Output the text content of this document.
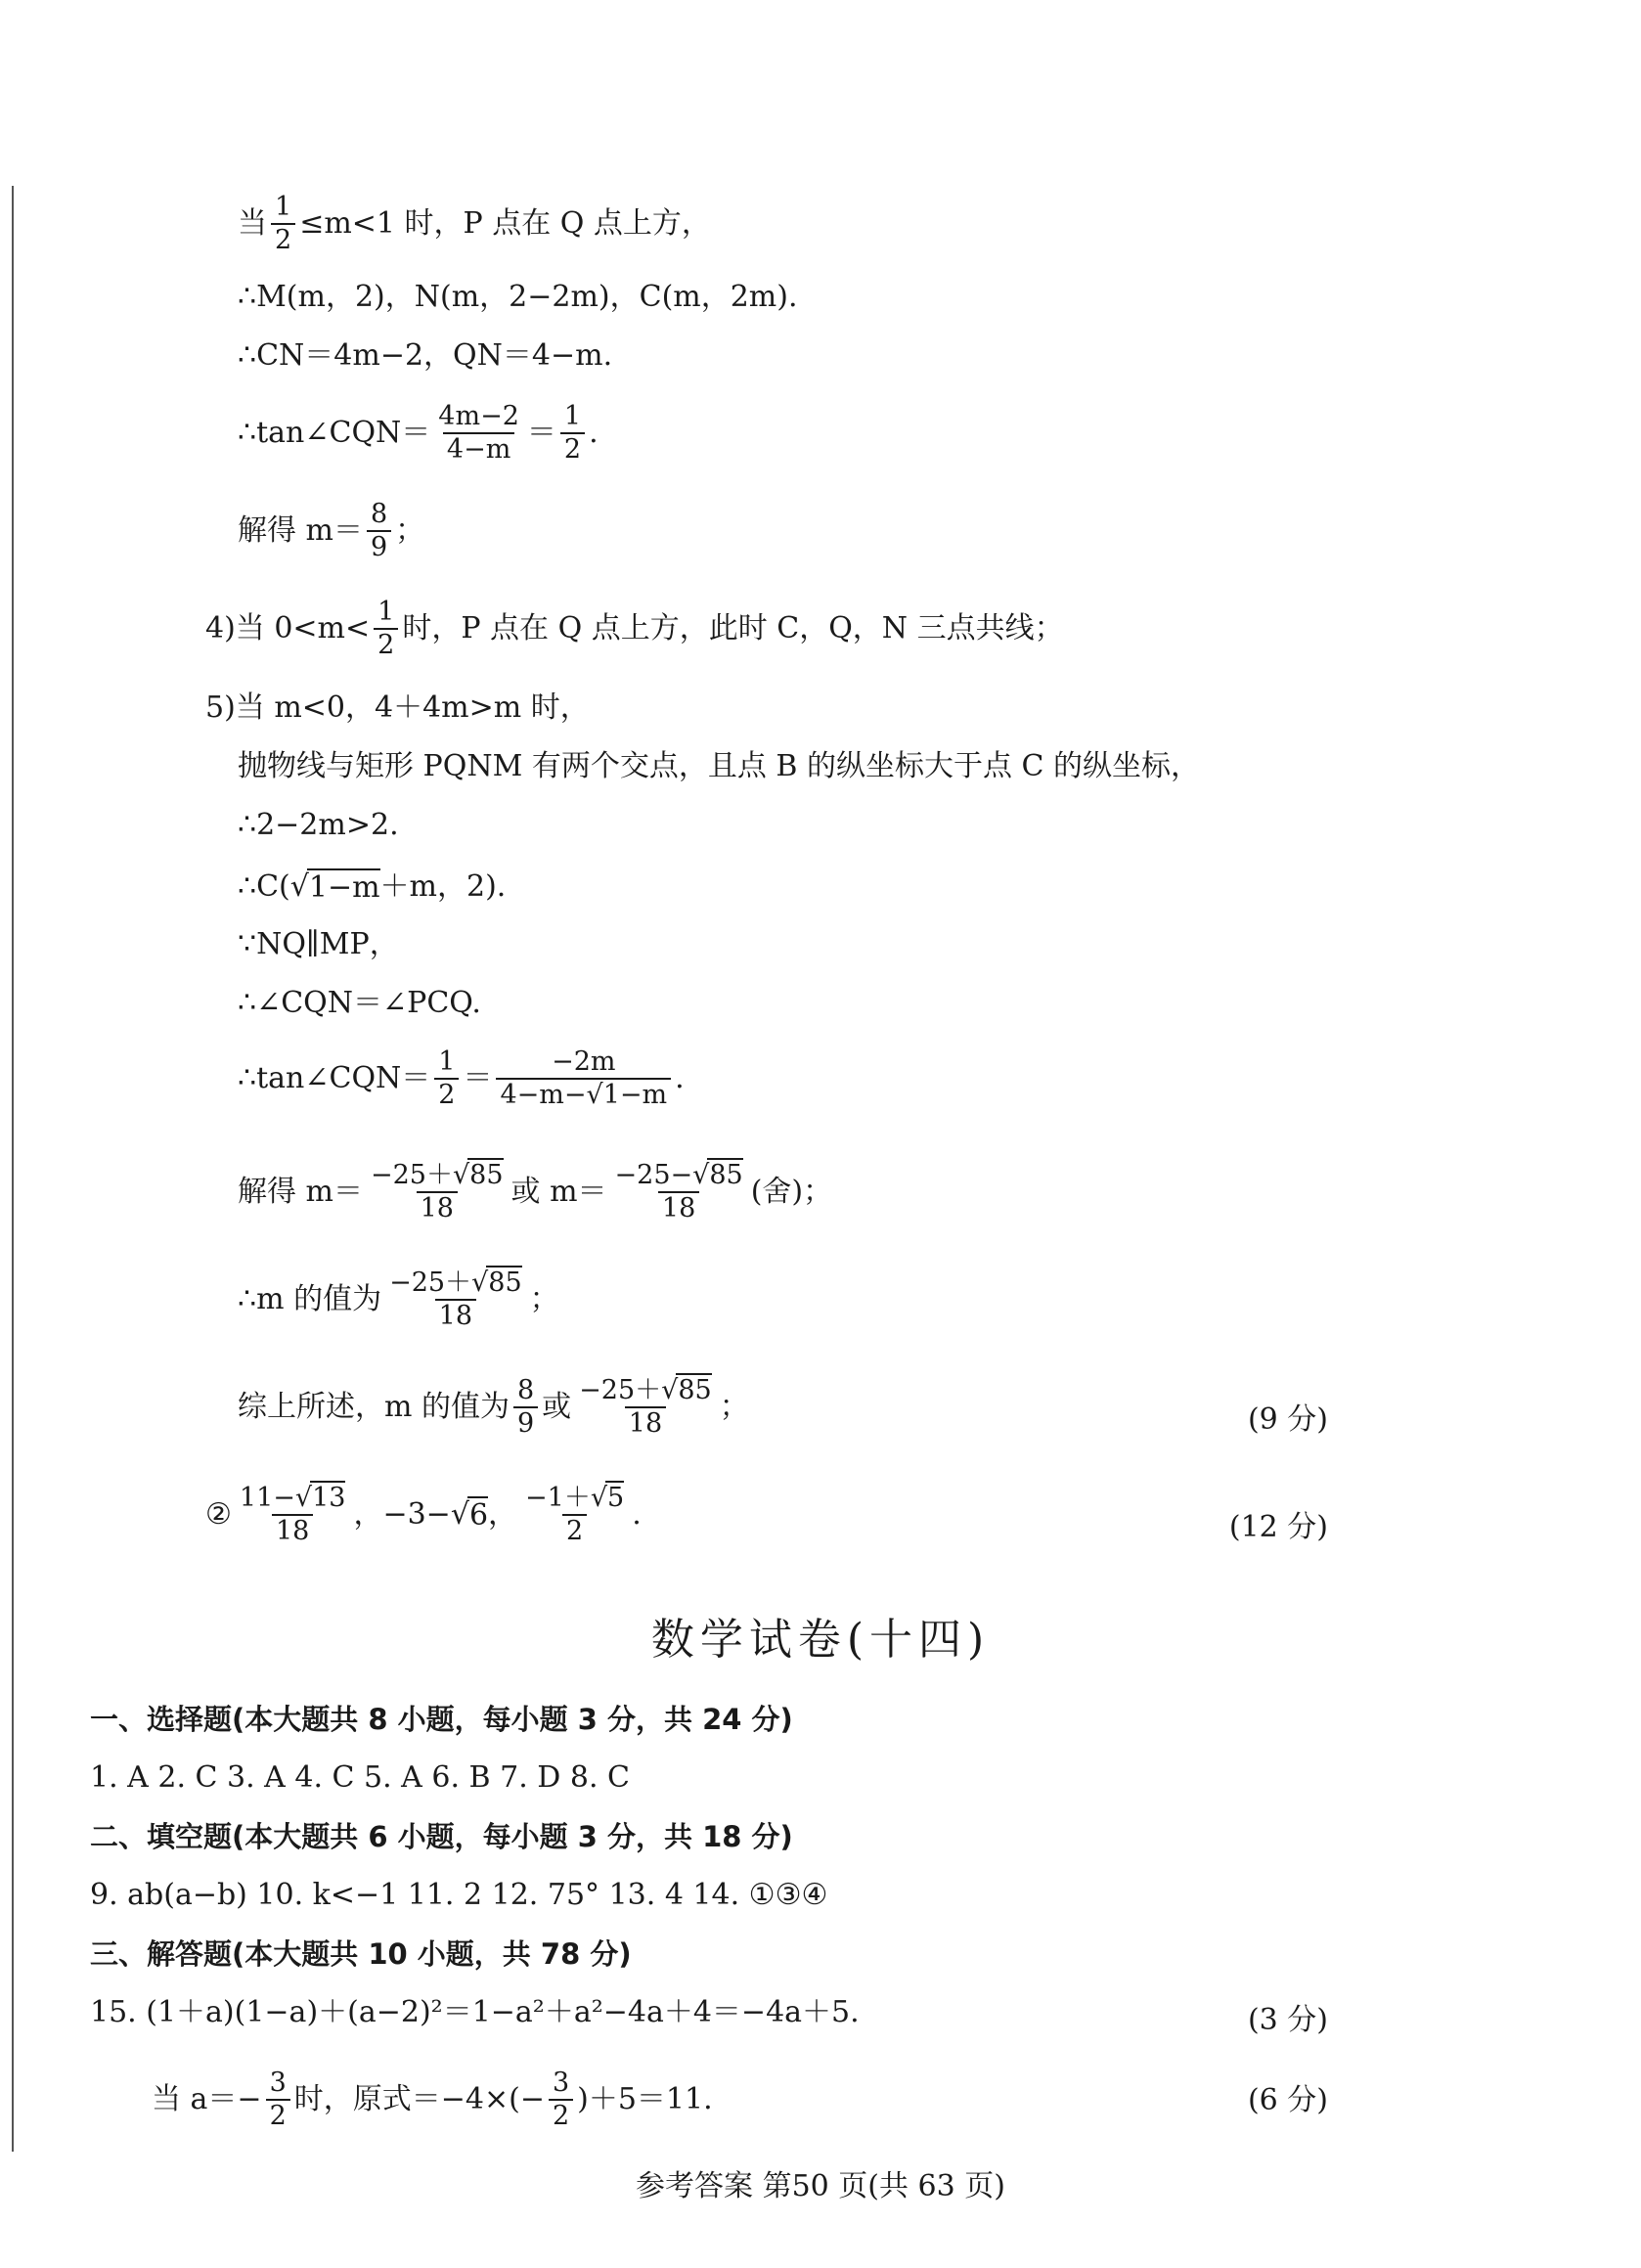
当 $\frac{1}{2} \le m<1$ 时，P 点在 Q 点上方，
∴M(m，2)，N(m，2−2m)，C(m，2m).
∴CN＝4m−2，QN＝4−m.
∴tan∠CQN＝ $\frac{4m-2}{4-m} = \frac{1}{2}$ .
解得 $m= \frac{8}{9}$ ；
4)当 $0<m< \frac{1}{2}$ 时，P 点在 Q 点上方，此时 C，Q，N 三点共线；
5)当 m<0，4＋4m>m 时，
抛物线与矩形 PQNM 有两个交点，且点 B 的纵坐标大于点 C 的纵坐标，
∴2−2m>2.
∴C(√ 1−m ＋m，2).
∵NQ∥MP，
∴∠CQN＝∠PCQ.
∴tan∠CQN＝ $\frac{1}{2} = \frac{-2m}{4-m-√1-m}$ .
解得 $m= \frac{-25+√85}{18}$ 或 $m= \frac{-25-√85}{18}$ (舍)；
∴m 的值为 $\frac{-25+√85}{18}$ ；
综上所述，m 的值为 $\frac{8}{9}$ 或 $\frac{-25+√85}{18}$ ；	(9 分)
② $\frac{11-√13}{18}$ ，−3−√ 6 ， $\frac{-1+√5}{2}$ .	(12 分)
数学试卷(十四)
一、选择题(本大题共 8 小题，每小题 3 分，共 24 分)
1. A 2. C 3. A 4. C 5. A 6. B 7. D 8. C
二、填空题(本大题共 6 小题，每小题 3 分，共 18 分)
9. ab(a−b) 10. k<−1 11. 2 12. 75° 13. 4 14. ①③④
三、解答题(本大题共 10 小题，共 78 分)
15. (1＋a)(1−a)＋(a−2)²＝1−a²＋a²−4a＋4＝−4a＋5.	(3 分)
当 $a=- \frac{3}{2}$ 时，原式$=-4\times(- \frac{3}{2} )+5=11$.	(6 分)
参考答案 第50 页(共 63 页)
